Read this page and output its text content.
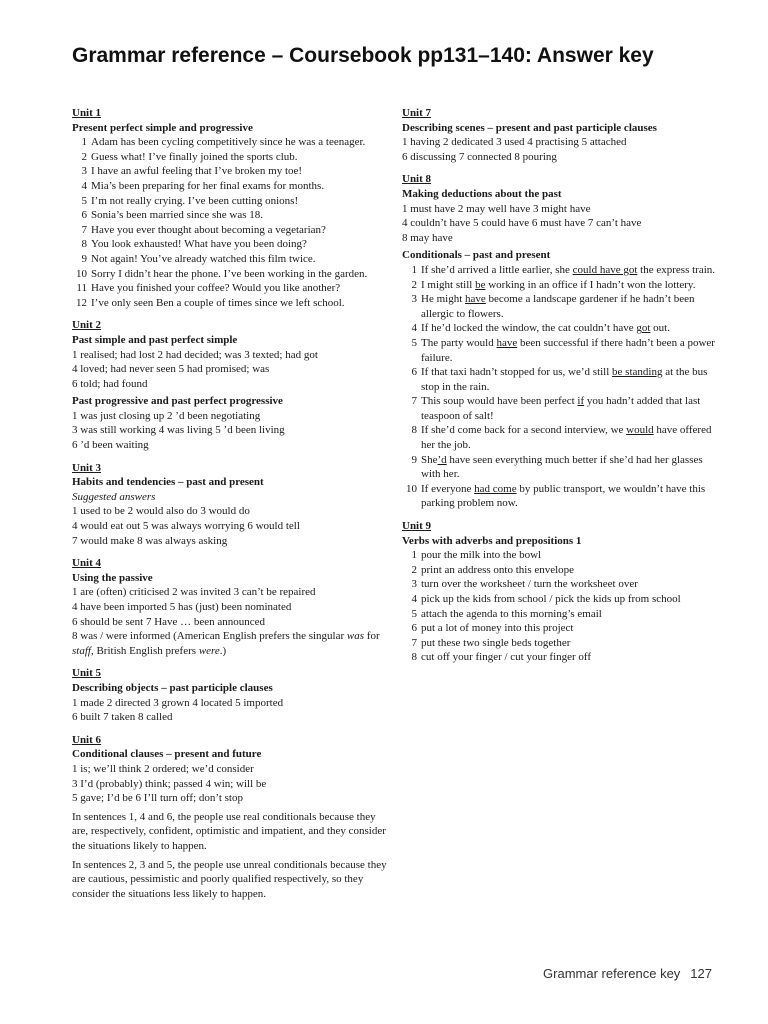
Grammar reference – Coursebook pp131–140: Answer key
Unit 1
Present perfect simple and progressive
1 Adam has been cycling competitively since he was a teenager.
2 Guess what! I’ve finally joined the sports club.
3 I have an awful feeling that I’ve broken my toe!
4 Mia’s been preparing for her final exams for months.
5 I’m not really crying. I’ve been cutting onions!
6 Sonia’s been married since she was 18.
7 Have you ever thought about becoming a vegetarian?
8 You look exhausted! What have you been doing?
9 Not again! You’ve already watched this film twice.
10 Sorry I didn’t hear the phone. I’ve been working in the garden.
11 Have you finished your coffee? Would you like another?
12 I’ve only seen Ben a couple of times since we left school.
Unit 2
Past simple and past perfect simple
1 realised; had lost 2 had decided; was 3 texted; had got
4 loved; had never seen 5 had promised; was
6 told; had found
Past progressive and past perfect progressive
1 was just closing up 2 ’d been negotiating
3 was still working 4 was living 5 ’d been living
6 ’d been waiting
Unit 3
Habits and tendencies – past and present
Suggested answers
1 used to be 2 would also do 3 would do
4 would eat out 5 was always worrying 6 would tell
7 would make 8 was always asking
Unit 4
Using the passive
1 are (often) criticised 2 was invited 3 can’t be repaired
4 have been imported 5 has (just) been nominated
6 should be sent 7 Have … been announced
8 was / were informed (American English prefers the singular was for staff, British English prefers were.)
Unit 5
Describing objects – past participle clauses
1 made 2 directed 3 grown 4 located 5 imported
6 built 7 taken 8 called
Unit 6
Conditional clauses – present and future
1 is; we’ll think 2 ordered; we’d consider
3 I’d (probably) think; passed 4 win; will be
5 gave; I’d be 6 I’ll turn off; don’t stop
In sentences 1, 4 and 6, the people use real conditionals because they are, respectively, confident, optimistic and impatient, and they consider the situations likely to happen.
In sentences 2, 3 and 5, the people use unreal conditionals because they are cautious, pessimistic and poorly qualified respectively, so they consider the situations less likely to happen.
Unit 7
Describing scenes – present and past participle clauses
1 having 2 dedicated 3 used 4 practising 5 attached
6 discussing 7 connected 8 pouring
Unit 8
Making deductions about the past
1 must have 2 may well have 3 might have
4 couldn’t have 5 could have 6 must have 7 can’t have
8 may have
Conditionals – past and present
1 If she’d arrived a little earlier, she could have got the express train.
2 I might still be working in an office if I hadn’t won the lottery.
3 He might have become a landscape gardener if he hadn’t been allergic to flowers.
4 If he’d locked the window, the cat couldn’t have got out.
5 The party would have been successful if there hadn’t been a power failure.
6 If that taxi hadn’t stopped for us, we’d still be standing at the bus stop in the rain.
7 This soup would have been perfect if you hadn’t added that last teaspoon of salt!
8 If she’d come back for a second interview, we would have offered her the job.
9 She’d have seen everything much better if she’d had her glasses with her.
10 If everyone had come by public transport, we wouldn’t have this parking problem now.
Unit 9
Verbs with adverbs and prepositions 1
1 pour the milk into the bowl
2 print an address onto this envelope
3 turn over the worksheet / turn the worksheet over
4 pick up the kids from school / pick the kids up from school
5 attach the agenda to this morning’s email
6 put a lot of money into this project
7 put these two single beds together
8 cut off your finger / cut your finger off
Grammar reference key 127
